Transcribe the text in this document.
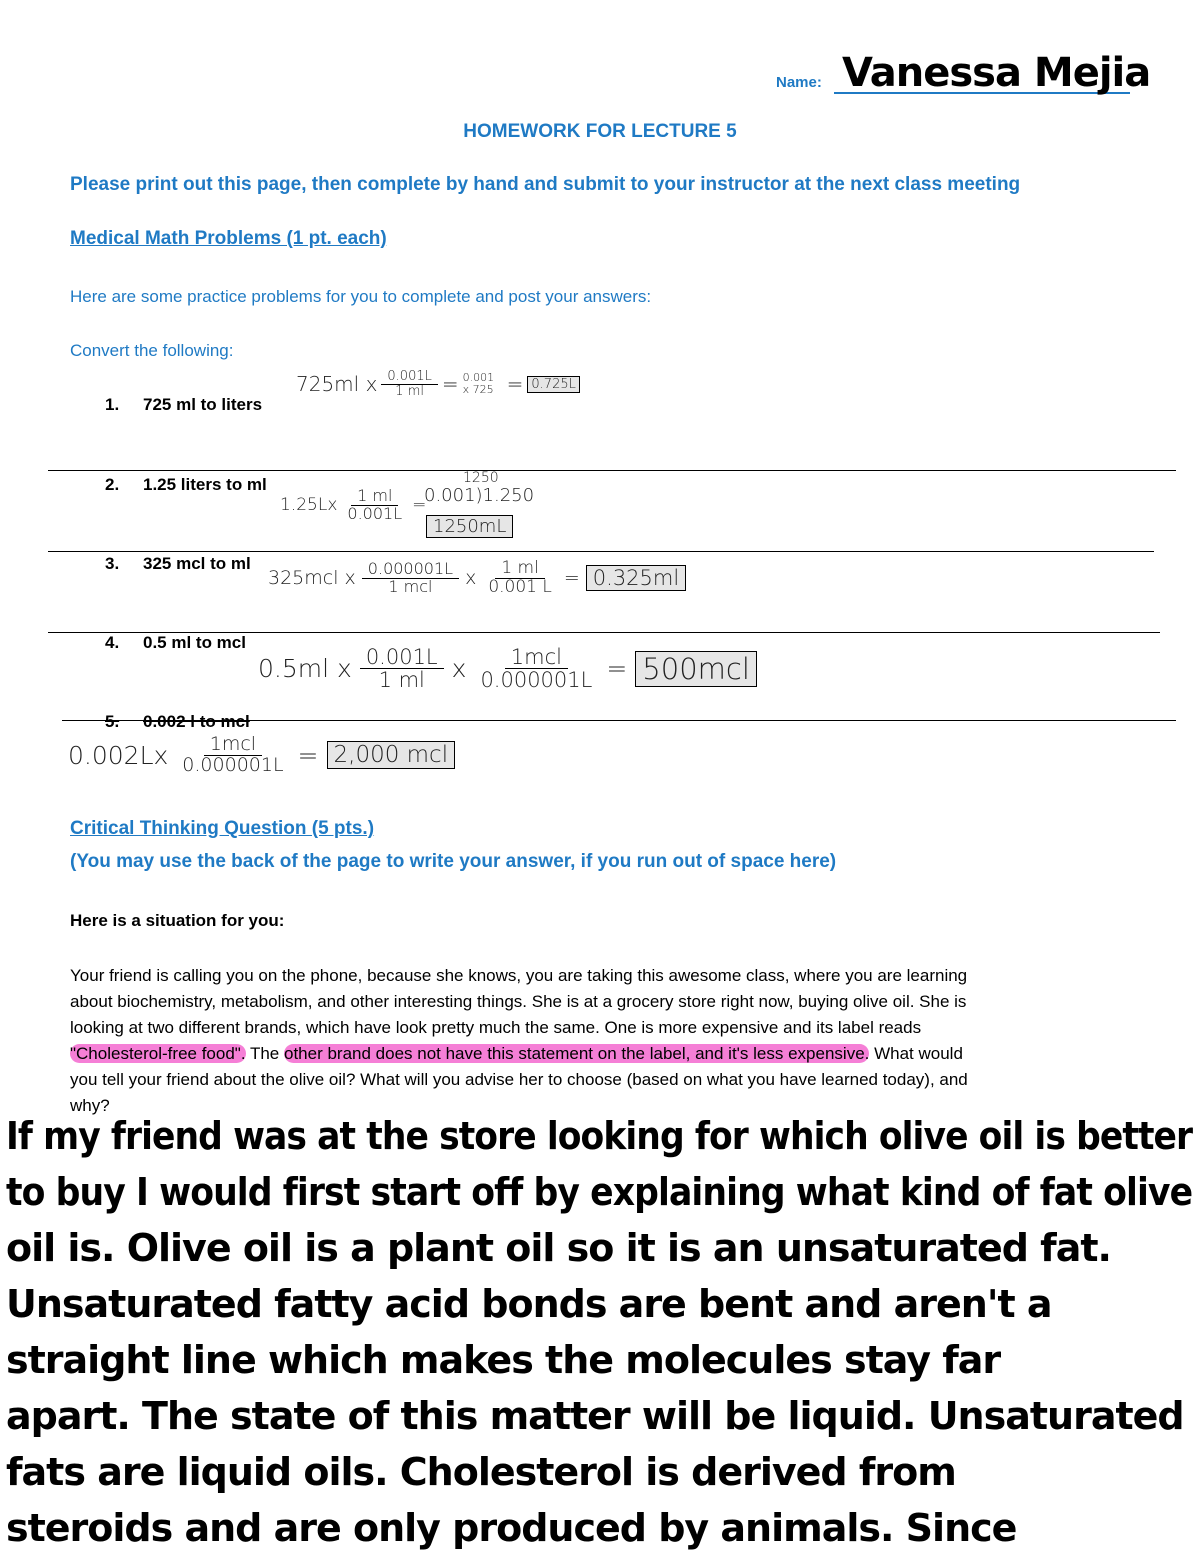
Name: Vanessa Mejia
HOMEWORK FOR LECTURE 5
Please print out this page, then complete by hand and submit to your instructor at the next class meeting
Medical Math Problems (1 pt. each)
Here are some practice problems for you to complete and post your answers:
Convert the following:
1. 725 ml to liters
725ml x $\frac{0.001L}{1 ml} = 0.001$ x 725 = 0.725L
2. 1.25 liters to ml
$1.25Lx \frac{1 ml}{0.001L}$ =
1250
0.001)1.250
1250mL
3. 325 mcl to ml
325mcl x $\frac{0.000001L}{\text{1 mcl}}$ x $\frac{1 ml}{0.001 L} = 0.325ml$
4. 0.5 ml to mcl
0.5ml x $\frac{0.001L}{1 ml}$ x $\frac{\text{1mcl}}{0.000001L} = 500mcl$
5. 0.002 l to mcl
$0.002Lx \frac{\text{1mcl}}{0.000001L} = 2,000$ mcl
Critical Thinking Question (5 pts.)
(You may use the back of the page to write your answer, if you run out of space here)
Here is a situation for you:
Your friend is calling you on the phone, because she knows, you are taking this awesome class, where you are learning
about biochemistry, metabolism, and other interesting things. She is at a grocery store right now, buying olive oil. She is
looking at two different brands, which have look pretty much the same. One is more expensive and its label reads
"Cholesterol-free food". The other brand does not have this statement on the label, and it's less expensive. What would
you tell your friend about the olive oil? What will you advise her to choose (based on what you have learned today), and
why?
If my friend was at the store looking for which olive oil is better
to buy I would first start off by explaining what kind of fat olive
oil is. Olive oil is a plant oil so it is an unsaturated fat.
Unsaturated fatty acid bonds are bent and aren't a
straight line which makes the molecules stay far
apart. The state of this matter will be liquid. Unsaturated
fats are liquid oils. Cholesterol is derived from
steroids and are only produced by animals. Since
